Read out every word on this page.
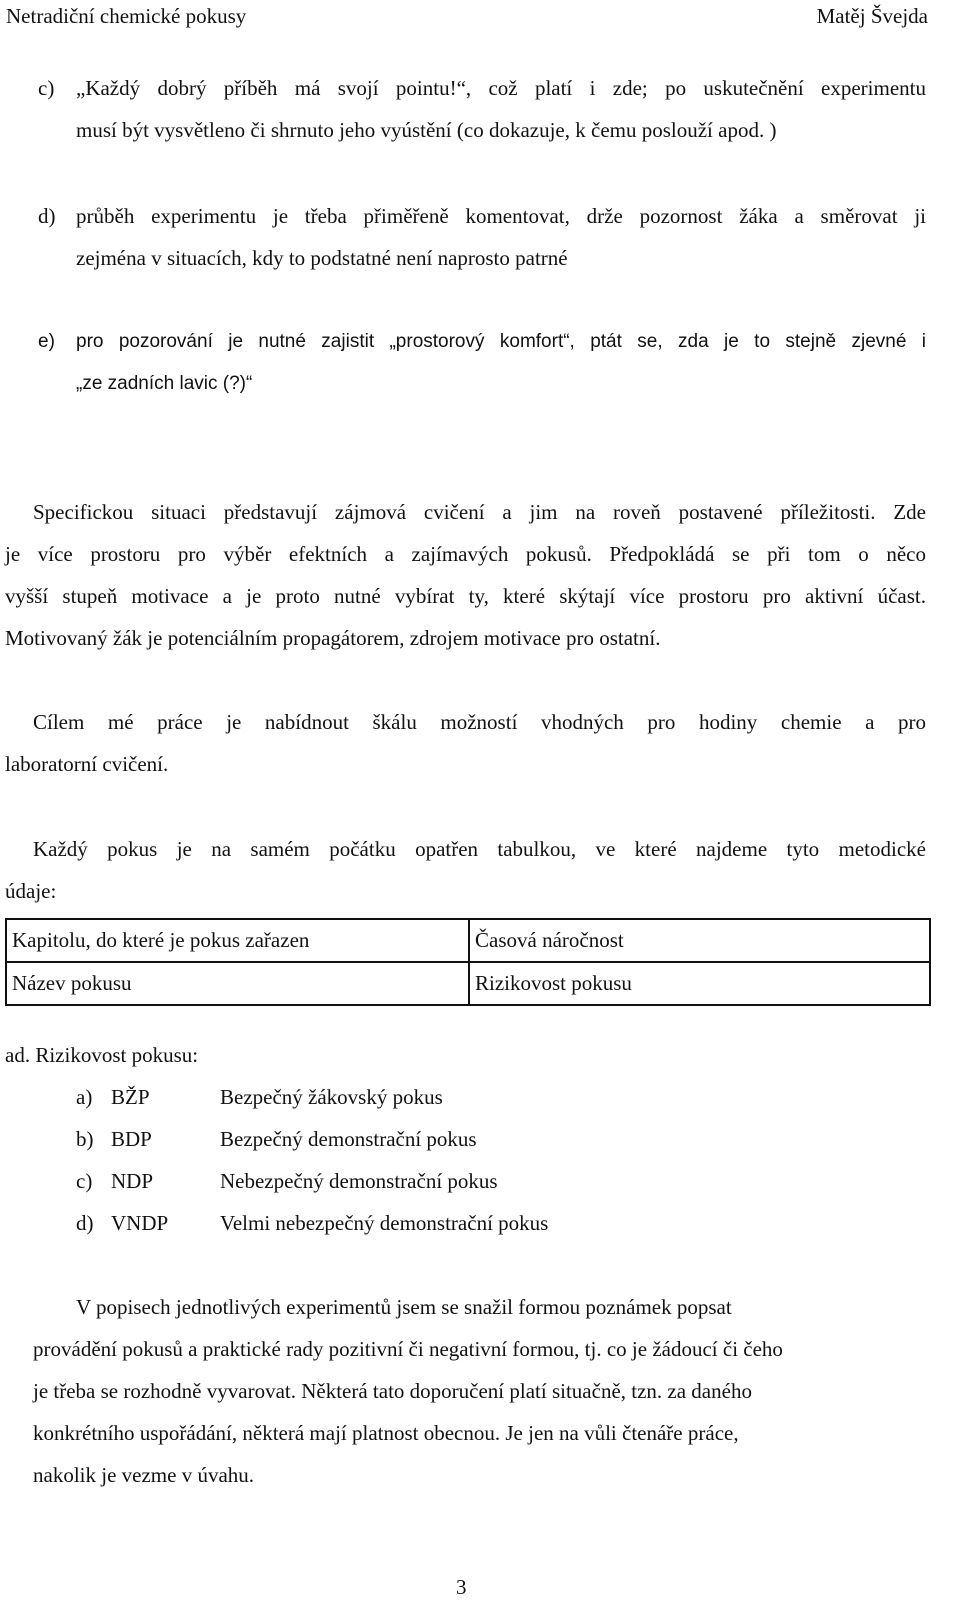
Netradiční chemické pokusy	Matěj Švejda
c) „Každý dobrý příběh má svojí pointu!“, což platí i zde; po uskutečnění experimentu
musí být vysvětleno či shrnuto jeho vyústění (co dokazuje, k čemu poslouží apod. )
d) průběh experimentu je třeba přiměřeně komentovat, drže pozornost žáka a směrovat ji
zejména v situacích, kdy to podstatné není naprosto patrné
e) pro pozorování je nutné zajistit „prostorový komfort“, ptát se, zda je to stejně zjevné i
„ze zadních lavic (?)“
Specifickou situaci představují zájmová cvičení a jim na roveň postavené příležitosti. Zde
je více prostoru pro výběr efektních a zajímavých pokusů. Předpokládá se při tom o něco
vyšší stupeň motivace a je proto nutné vybírat ty, které skýtají více prostoru pro aktivní účast.
Motivovaný žák je potenciálním propagátorem, zdrojem motivace pro ostatní.
Cílem mé práce je nabídnout škálu možností vhodných pro hodiny chemie a pro
laboratorní cvičení.
Každý pokus je na samém počátku opatřen tabulkou, ve které najdeme tyto metodické
údaje:
Kapitolu, do které je pokus zařazen	Časová náročnost
Název pokusu	Rizikovost pokusu
ad. Rizikovost pokusu:
a) BŽP	Bezpečný žákovský pokus
b) BDP	Bezpečný demonstrační pokus
c) NDP	Nebezpečný demonstrační pokus
d) VNDP Velmi nebezpečný demonstrační pokus
V popisech jednotlivých experimentů jsem se snažil formou poznámek popsat
provádění pokusů a praktické rady pozitivní či negativní formou, tj. co je žádoucí či čeho
je třeba se rozhodně vyvarovat. Některá tato doporučení platí situačně, tzn. za daného
konkrétního uspořádání, některá mají platnost obecnou. Je jen na vůli čtenáře práce,
nakolik je vezme v úvahu.
3
